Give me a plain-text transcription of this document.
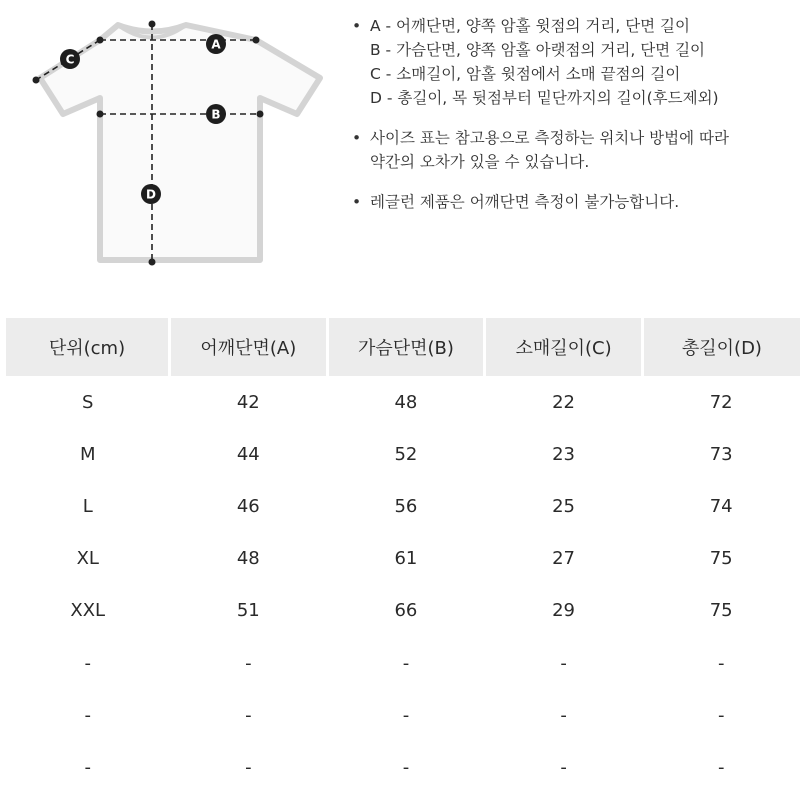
A
B
C
D
• A - 어깨단면, 양쪽 암홀 윗점의 거리, 단면 길이
B - 가슴단면, 양쪽 암홀 아랫점의 거리, 단면 길이
C - 소매길이, 암홀 윗점에서 소매 끝점의 길이
D - 총길이, 목 뒷점부터 밑단까지의 길이(후드제외)
• 사이즈 표는 참고용으로 측정하는 위치나 방법에 따라
약간의 오차가 있을 수 있습니다.
• 레글런 제품은 어깨단면 측정이 불가능합니다.
단위(cm)	어깨단면(A)	가슴단면(B)	소매길이(C)	총길이(D)
S	42	48	22	72
M	44	52	23	73
L	46	56	25	74
XL	48	61	27	75
XXL	51	66	29	75
-	-	-	-	-
-	-	-	-	-
-	-	-	-	-
